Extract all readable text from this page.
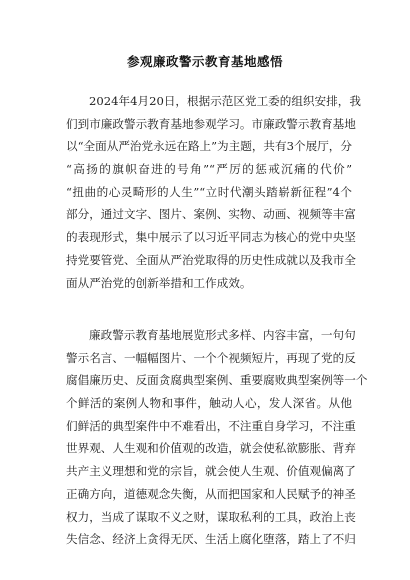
参观廉政警示教育基地感悟
2024年4月20日，根据示范区党工委的组织安排，我
们到市廉政警示教育基地参观学习。市廉政警示教育基地
以“全面从严治党永远在路上”为主题，共有3个展厅，分
“高扬的旗帜奋进的号角”“严厉的惩戒沉痛的代价”
“扭曲的心灵畸形的人生”“立时代潮头踏崭新征程”4个
部分，通过文字、图片、案例、实物、动画、视频等丰富
的表现形式，集中展示了以习近平同志为核心的党中央坚
持党要管党、全面从严治党取得的历史性成就以及我市全
面从严治党的创新举措和工作成效。
廉政警示教育基地展览形式多样、内容丰富，一句句
警示名言、一幅幅图片、一个个视频短片，再现了党的反
腐倡廉历史、反面贪腐典型案例、重要腐败典型案例等一个
个鲜活的案例人物和事件，触动人心，发人深省。从他
们鲜活的典型案件中不难看出，不注重自身学习，不注重
世界观、人生观和价值观的改造，就会使私欲膨胀、背弃
共产主义理想和党的宗旨，就会使人生观、价值观偏离了
正确方向，道德观念失衡，从而把国家和人民赋予的神圣
权力，当成了谋取不义之财，谋取私利的工具，政治上丧
失信念、经济上贪得无厌、生活上腐化堕落，踏上了不归
